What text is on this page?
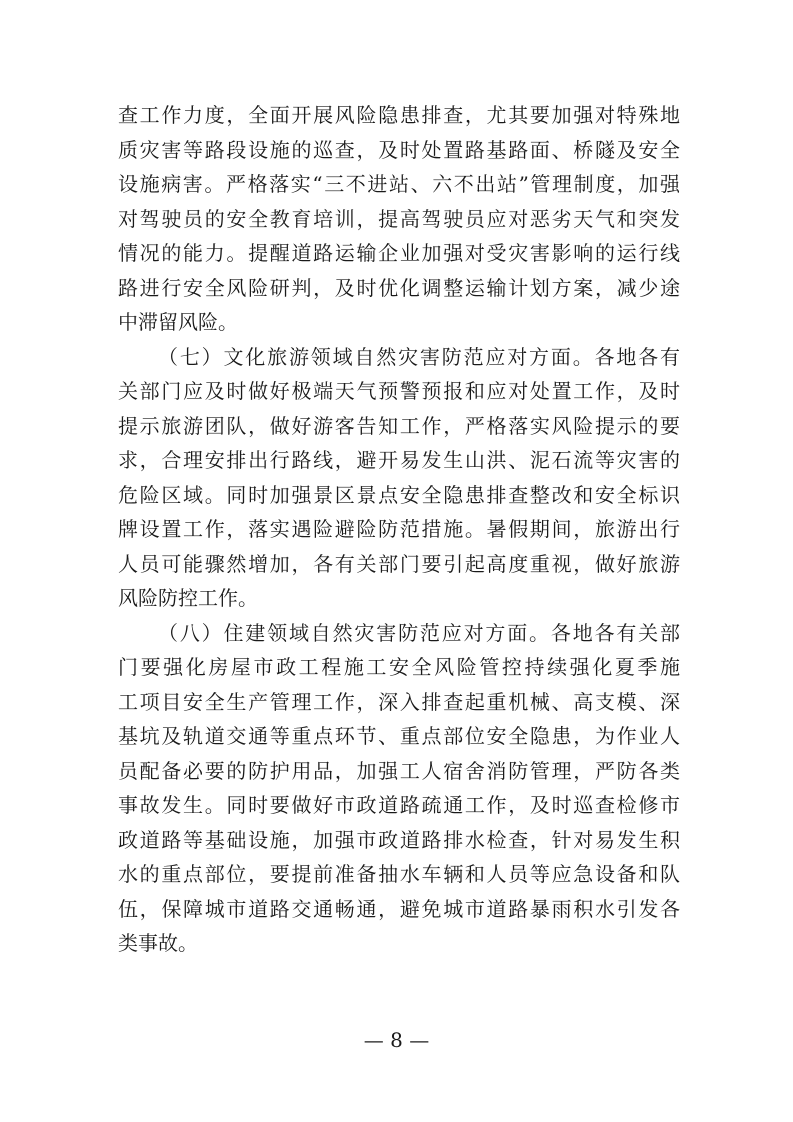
查工作力度，全面开展风险隐患排查，尤其要加强对特殊地
质灾害等路段设施的巡查，及时处置路基路面、桥隧及安全
设施病害。严格落实“三不进站、六不出站”管理制度，加强
对驾驶员的安全教育培训，提高驾驶员应对恶劣天气和突发
情况的能力。提醒道路运输企业加强对受灾害影响的运行线
路进行安全风险研判，及时优化调整运输计划方案，减少途
中滞留风险。
（七）文化旅游领域自然灾害防范应对方面。各地各有
关部门应及时做好极端天气预警预报和应对处置工作，及时
提示旅游团队，做好游客告知工作，严格落实风险提示的要
求，合理安排出行路线，避开易发生山洪、泥石流等灾害的
危险区域。同时加强景区景点安全隐患排查整改和安全标识
牌设置工作，落实遇险避险防范措施。暑假期间，旅游出行
人员可能骤然增加，各有关部门要引起高度重视，做好旅游
风险防控工作。
（八）住建领域自然灾害防范应对方面。各地各有关部
门要强化房屋市政工程施工安全风险管控持续强化夏季施
工项目安全生产管理工作，深入排查起重机械、高支模、深
基坑及轨道交通等重点环节、重点部位安全隐患，为作业人
员配备必要的防护用品，加强工人宿舍消防管理，严防各类
事故发生。同时要做好市政道路疏通工作，及时巡查检修市
政道路等基础设施，加强市政道路排水检查，针对易发生积
水的重点部位，要提前准备抽水车辆和人员等应急设备和队
伍，保障城市道路交通畅通，避免城市道路暴雨积水引发各
类事故。
— 8 —
